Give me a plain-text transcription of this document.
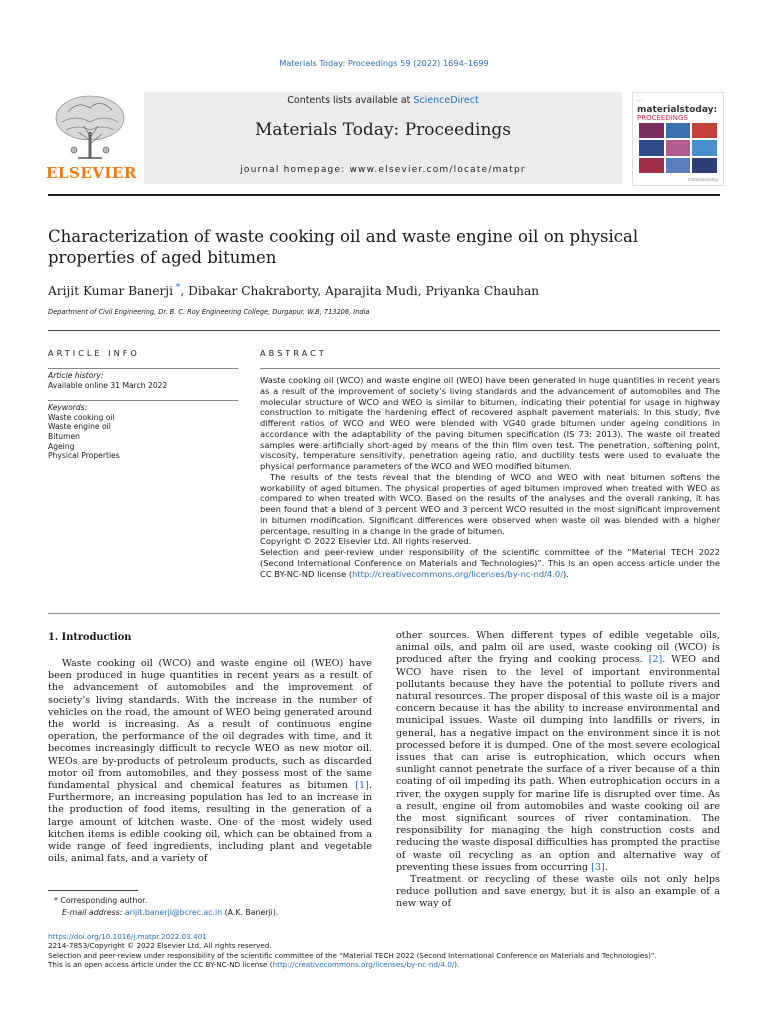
Materials Today: Proceedings 59 (2022) 1694–1699
ELSEVIER
Contents lists available at ScienceDirect
Materials Today: Proceedings
journal homepage: www.elsevier.com/locate/matpr
...
materialstoday:
PROCEEDINGS
materialstoday
Characterization of waste cooking oil and waste engine oil on physical properties of aged bitumen
Arijit Kumar Banerji *, Dibakar Chakraborty, Aparajita Mudi, Priyanka Chauhan
Department of Civil Engineering, Dr. B. C. Roy Engineering College, Durgapur, W.B, 713206, India
ARTICLE INFO	ABSTRACT
Article history:
Available online 31 March 2022
Keywords:
Waste cooking oil
Waste engine oil
Bitumen
Ageing
Physical Properties

Waste cooking oil (WCO) and waste engine oil (WEO) have been generated in huge quantities in recent years as a result of the improvement of society’s living standards and the advancement of automobiles and The molecular structure of WCO and WEO is similar to bitumen, indicating their potential for usage in highway construction to mitigate the hardening effect of recovered asphalt pavement materials. In this study, five different ratios of WCO and WEO were blended with VG40 grade bitumen under ageing conditions in accordance with the adaptability of the paving bitumen specification (IS 73: 2013). The waste oil treated samples were artificially short-aged by means of the thin film oven test. The penetration, softening point, viscosity, temperature sensitivity, penetration ageing ratio, and ductility tests were used to evaluate the physical performance parameters of the WCO and WEO modified bitumen.

The results of the tests reveal that the blending of WCO and WEO with neat bitumen softens the workability of aged bitumen. The physical properties of aged bitumen improved when treated with WEO as compared to when treated with WCO. Based on the results of the analyses and the overall ranking, it has been found that a blend of 3 percent WEO and 3 percent WCO resulted in the most significant improvement in bitumen modification. Significant differences were observed when waste oil was blended with a higher percentage, resulting in a change in the grade of bitumen.

Copyright © 2022 Elsevier Ltd. All rights reserved.

Selection and peer-review under responsibility of the scientific committee of the “Material TECH 2022 (Second International Conference on Materials and Technologies)”. This is an open access article under the CC BY-NC-ND license (http://creativecommons.org/licenses/by-nc-nd/4.0/).

1. Introduction

Waste cooking oil (WCO) and waste engine oil (WEO) have been produced in huge quantities in recent years as a result of the advancement of automobiles and the improvement of society’s living standards. With the increase in the number of vehicles on the road, the amount of WEO being generated around the world is increasing. As a result of continuous engine operation, the performance of the oil degrades with time, and it becomes increasingly difficult to recycle WEO as new motor oil. WEOs are by-products of petroleum products, such as discarded motor oil from automobiles, and they possess most of the same fundamental physical and chemical features as bitumen [1]. Furthermore, an increasing population has led to an increase in the production of food items, resulting in the generation of a large amount of kitchen waste. One of the most widely used kitchen items is edible cooking oil, which can be obtained from a wide range of feed ingredients, including plant and vegetable oils, animal fats, and a variety of

other sources. When different types of edible vegetable oils, animal oils, and palm oil are used, waste cooking oil (WCO) is produced after the frying and cooking process. [2]. WEO and WCO have risen to the level of important environmental pollutants because they have the potential to pollute rivers and natural resources. The proper disposal of this waste oil is a major concern because it has the ability to increase environmental and municipal issues. Waste oil dumping into landfills or rivers, in general, has a negative impact on the environment since it is not processed before it is dumped. One of the most severe ecological issues that can arise is eutrophication, which occurs when sunlight cannot penetrate the surface of a river because of a thin coating of oil impeding its path. When eutrophication occurs in a river, the oxygen supply for marine life is disrupted over time. As a result, engine oil from automobiles and waste cooking oil are the most significant sources of river contamination. The responsibility for managing the high construction costs and reducing the waste disposal difficulties has prompted the practise of waste oil recycling as an option and alternative way of preventing these issues from occurring [3].

Treatment or recycling of these waste oils not only helps reduce pollution and save energy, but it is also an example of a new way of

* Corresponding author.
E-mail address: arijit.banerji@bcrec.ac.in (A.K. Banerji).
https://doi.org/10.1016/j.matpr.2022.03.401
2214-7853/Copyright © 2022 Elsevier Ltd. All rights reserved.
Selection and peer-review under responsibility of the scientific committee of the “Material TECH 2022 (Second International Conference on Materials and Technologies)”.
This is an open access article under the CC BY-NC-ND license (http://creativecommons.org/licenses/by-nc-nd/4.0/).
